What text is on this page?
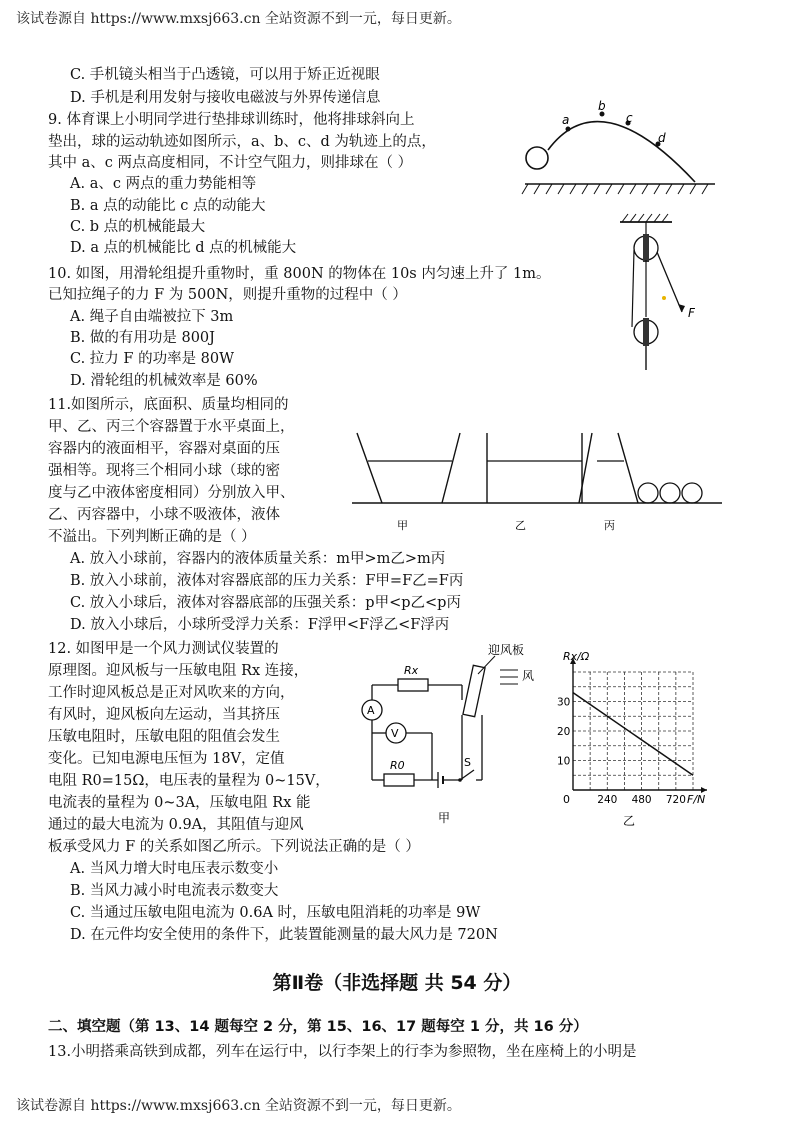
该试卷源自 https://www.mxsj663.cn 全站资源不到一元，每日更新。
C. 手机镜头相当于凸透镜，可以用于矫正近视眼
D. 手机是利用发射与接收电磁波与外界传递信息
9. 体育课上小明同学进行垫排球训练时，他将排球斜向上
垫出，球的运动轨迹如图所示，a、b、c、d 为轨迹上的点，
其中 a、c 两点高度相同，不计空气阻力，则排球在（ ）
A. a、c 两点的重力势能相等
B. a 点的动能比 c 点的动能大
C. b 点的机械能最大
D. a 点的机械能比 d 点的机械能大
a
b
c
d
10. 如图，用滑轮组提升重物时，重 800N 的物体在 10s 内匀速上升了 1m。
已知拉绳子的力 F 为 500N，则提升重物的过程中（ ）
A. 绳子自由端被拉下 3m
B. 做的有用功是 800J
C. 拉力 F 的功率是 80W
D. 滑轮组的机械效率是 60%
F
11.如图所示，底面积、质量均相同的
甲、乙、丙三个容器置于水平桌面上，
容器内的液面相平，容器对桌面的压
强相等。现将三个相同小球（球的密
度与乙中液体密度相同）分别放入甲、
乙、丙容器中，小球不吸液体，液体
不溢出。下列判断正确的是（ ）
A. 放入小球前，容器内的液体质量关系：m甲>m乙>m丙
B. 放入小球前，液体对容器底部的压力关系：F甲=F乙=F丙
C. 放入小球后，液体对容器底部的压强关系：p甲<p乙<p丙
D. 放入小球后，小球所受浮力关系：F浮甲<F浮乙<F浮丙
甲	乙	丙
12. 如图甲是一个风力测试仪装置的
原理图。迎风板与一压敏电阻 Rx 连接，
工作时迎风板总是正对风吹来的方向，
有风时，迎风板向左运动，当其挤压
压敏电阻时，压敏电阻的阻值会发生
变化。已知电源电压恒为 18V，定值
电阻 R0=15Ω，电压表的量程为 0~15V，
电流表的量程为 0~3A，压敏电阻 Rx 能
通过的最大电流为 0.9A，其阻值与迎风
板承受风力 F 的关系如图乙所示。下列说法正确的是（ ）
A. 当风力增大时电压表示数变小
B. 当风力减小时电流表示数变大
C. 当通过压敏电阻电流为 0.6A 时，压敏电阻消耗的功率是 9W
D. 在元件均安全使用的条件下，此装置能测量的最大风力是 720N
迎风板
风
Rx
A
V
R0	S
甲
240 480 720
10
20
30
Rx/Ω
F/N
0
乙
第Ⅱ卷（非选择题 共 54 分）
二、填空题（第 13、14 题每空 2 分，第 15、16、17 题每空 1 分，共 16 分）
13.小明搭乘高铁到成都，列车在运行中，以行李架上的行李为参照物，坐在座椅上的小明是
该试卷源自 https://www.mxsj663.cn 全站资源不到一元，每日更新。
